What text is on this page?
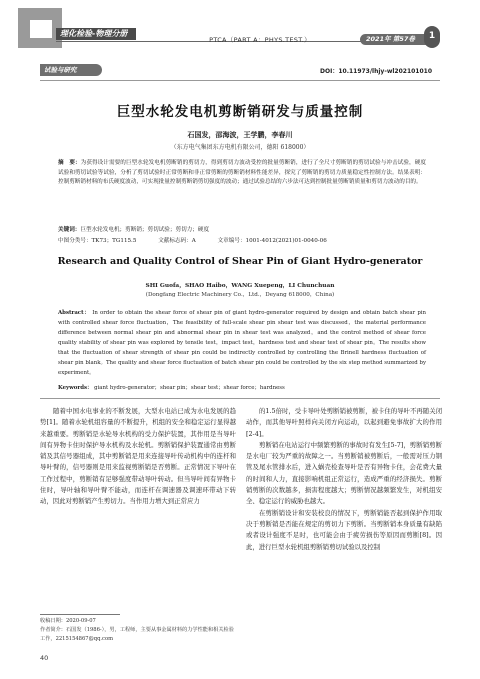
理化检验-物理分册
PTCA（PART A：PHYS.TEST.）	2021年 第57卷	1
试验与研究	DOI：10.11973/lhjy-wl202101010
巨型水轮发电机剪断销研发与质量控制
石国发，邵海波，王学鹏，李春川
（东方电气集团东方电机有限公司，德阳 618000）
摘　要：为获得设计需要的巨型水轮发电机剪断销的剪切力，得到剪切力波动受控的批量剪断销，进行了全尺寸剪断销的剪切试验与冲击试验，硬度试验和剪切试验等试验，分析了剪切试验时正常剪断和非正常剪断的剪断销材料性能差异，探究了剪断销的剪切力质量稳定性控制方法。结果表明：控制剪断销材料的布氏硬度波动，可实现批量控制剪断销剪切强度的波动；通过试验总结的六步法可达到控制批量剪断销质量和剪切力波动的目的。
关键词：巨型水轮发电机；剪断销；剪切试验；剪切力；硬度
中图分类号：TK73；TG115.5	文献标志码：A	文章编号：1001-4012(2021)01-0040-06
Research and Quality Control of Shear Pin of Giant Hydro-generator
SHI Guofa，SHAO Haibo，WANG Xuepeng，LI Chunchuan
(Dongfang Electric Machinery Co.，Ltd.，Deyang 618000，China)
Abstract： In order to obtain the shear force of shear pin of giant hydro-generator required by design and obtain batch shear pin with controlled shear force fluctuation，The feasibility of full-scale shear pin shear test was discussed，the material performance difference between normal shear pin and abnormal shear pin in shear test was analyzed，and the control method of shear force quality stability of shear pin was explored by tensile test，impact test，hardness test and shear test of shear pin。The results show that the fluctuation of shear strength of shear pin could be indirectly controlled by controlling the Brinell hardness fluctuation of shear pin blank。The quality and shear force fluctuation of batch shear pin could be controlled by the six step method summarized by experiment。
Keywords： giant hydro-generator；shear pin；shear test；shear force；hardness

随着中国水电事业的不断发展，大型水电站已成为水电发展的趋势[1]。随着水轮机组容量的不断提升，机组的安全和稳定运行显得越来越重要。剪断销是水轮导水机构的受力保护装置，其作用是当导叶间有异物卡住时保护导水机构及水轮机。剪断销保护装置通常由剪断销及其信号器组成，其中剪断销是用来连接导叶传动机构中的连杆和导叶臂的，信号器则是用来监视剪断销是否剪断。正常情况下导叶在工作过程中，剪断销有足够强度带动导叶转动。但当导叶间有异物卡住时，导叶轴和导叶臂不能动，而连杆在调速器及调速环带动下转动，因此对剪断销产生剪切力。当作用力增大到正常应力

的1.5倍时，受卡导叶处剪断销被剪断，被卡住的导叶不再随关闭动作，而其他导叶照样向关闭方向运动，以起到避免事故扩大的作用[2-4]。

剪断销在电站运行中频繁剪断的事故时有发生[5-7]，剪断销剪断是水电厂较为严重的故障之一。当剪断销被剪断后，一般需对压力钢管及尾水管排水后，进入蜗壳检查导叶是否有异物卡住，会花费大量的时间和人力，直接影响机组正常运行，造成严重的经济损失。剪断销剪断的次数越多，损害程度越大；剪断情况越频繁发生，对机组安全、稳定运行的威胁也越大。

在剪断销设计和安装校良的情况下，剪断销能否起到保护作用取决于剪断销是否能在规定的剪切力下剪断。当剪断销本身质量有缺陷或者设计强度不足时，也可能会由于疲劳损伤等原因而剪断[8]。因此，进行巨型水轮机组剪断销剪切试验以及控制

收稿日期：2020-09-07
作者简介：石国发（1986-），男，工程师，主要从事金属材料的力学性能和相关检验工作，2215154867@qq.com
40
